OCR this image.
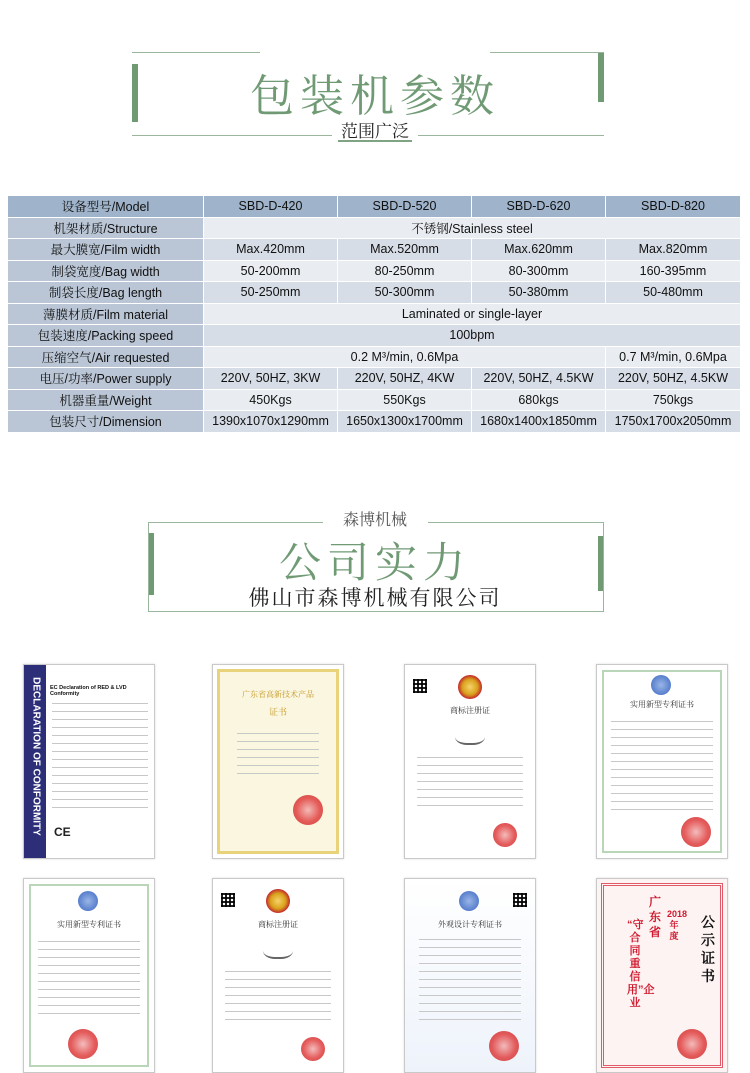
包装机参数
范围广泛
设备型号/Model	SBD-D-420	SBD-D-520	SBD-D-620	SBD-D-820
机架材质/Structure	不锈钢/Stainless steel			
最大膜宽/Film width	Max.420mm	Max.520mm	Max.620mm	Max.820mm
制袋宽度/Bag width	50-200mm	80-250mm	80-300mm	160-395mm
制袋长度/Bag length	50-250mm	50-300mm	50-380mm	50-480mm
薄膜材质/Film material	Laminated or single-layer			
包装速度/Packing speed	100bpm			
压缩空气/Air requested	0.2 M³/min, 0.6Mpa			0.7 M³/min, 0.6Mpa
电压/功率/Power supply	220V, 50HZ, 3KW	220V, 50HZ, 4KW	220V, 50HZ, 4.5KW	220V, 50HZ, 4.5KW
机器重量/Weight	450Kgs	550Kgs	680kgs	750kgs
包装尺寸/Dimension	1390x1070x1290mm	1650x1300x1700mm	1680x1400x1850mm	1750x1700x2050mm
森博机械
公司实力
佛山市森博机械有限公司
DECLARATION OF CONFORMITY EC Declaration of RED & LVD Conformity
CE
广东省高新技术产品
证书	商标注册证
实用新型专利证书
实用新型专利证书	商标注册证	外观设计专利证书	公示证书
广东省
2018年度
“守合同重信用”企业
